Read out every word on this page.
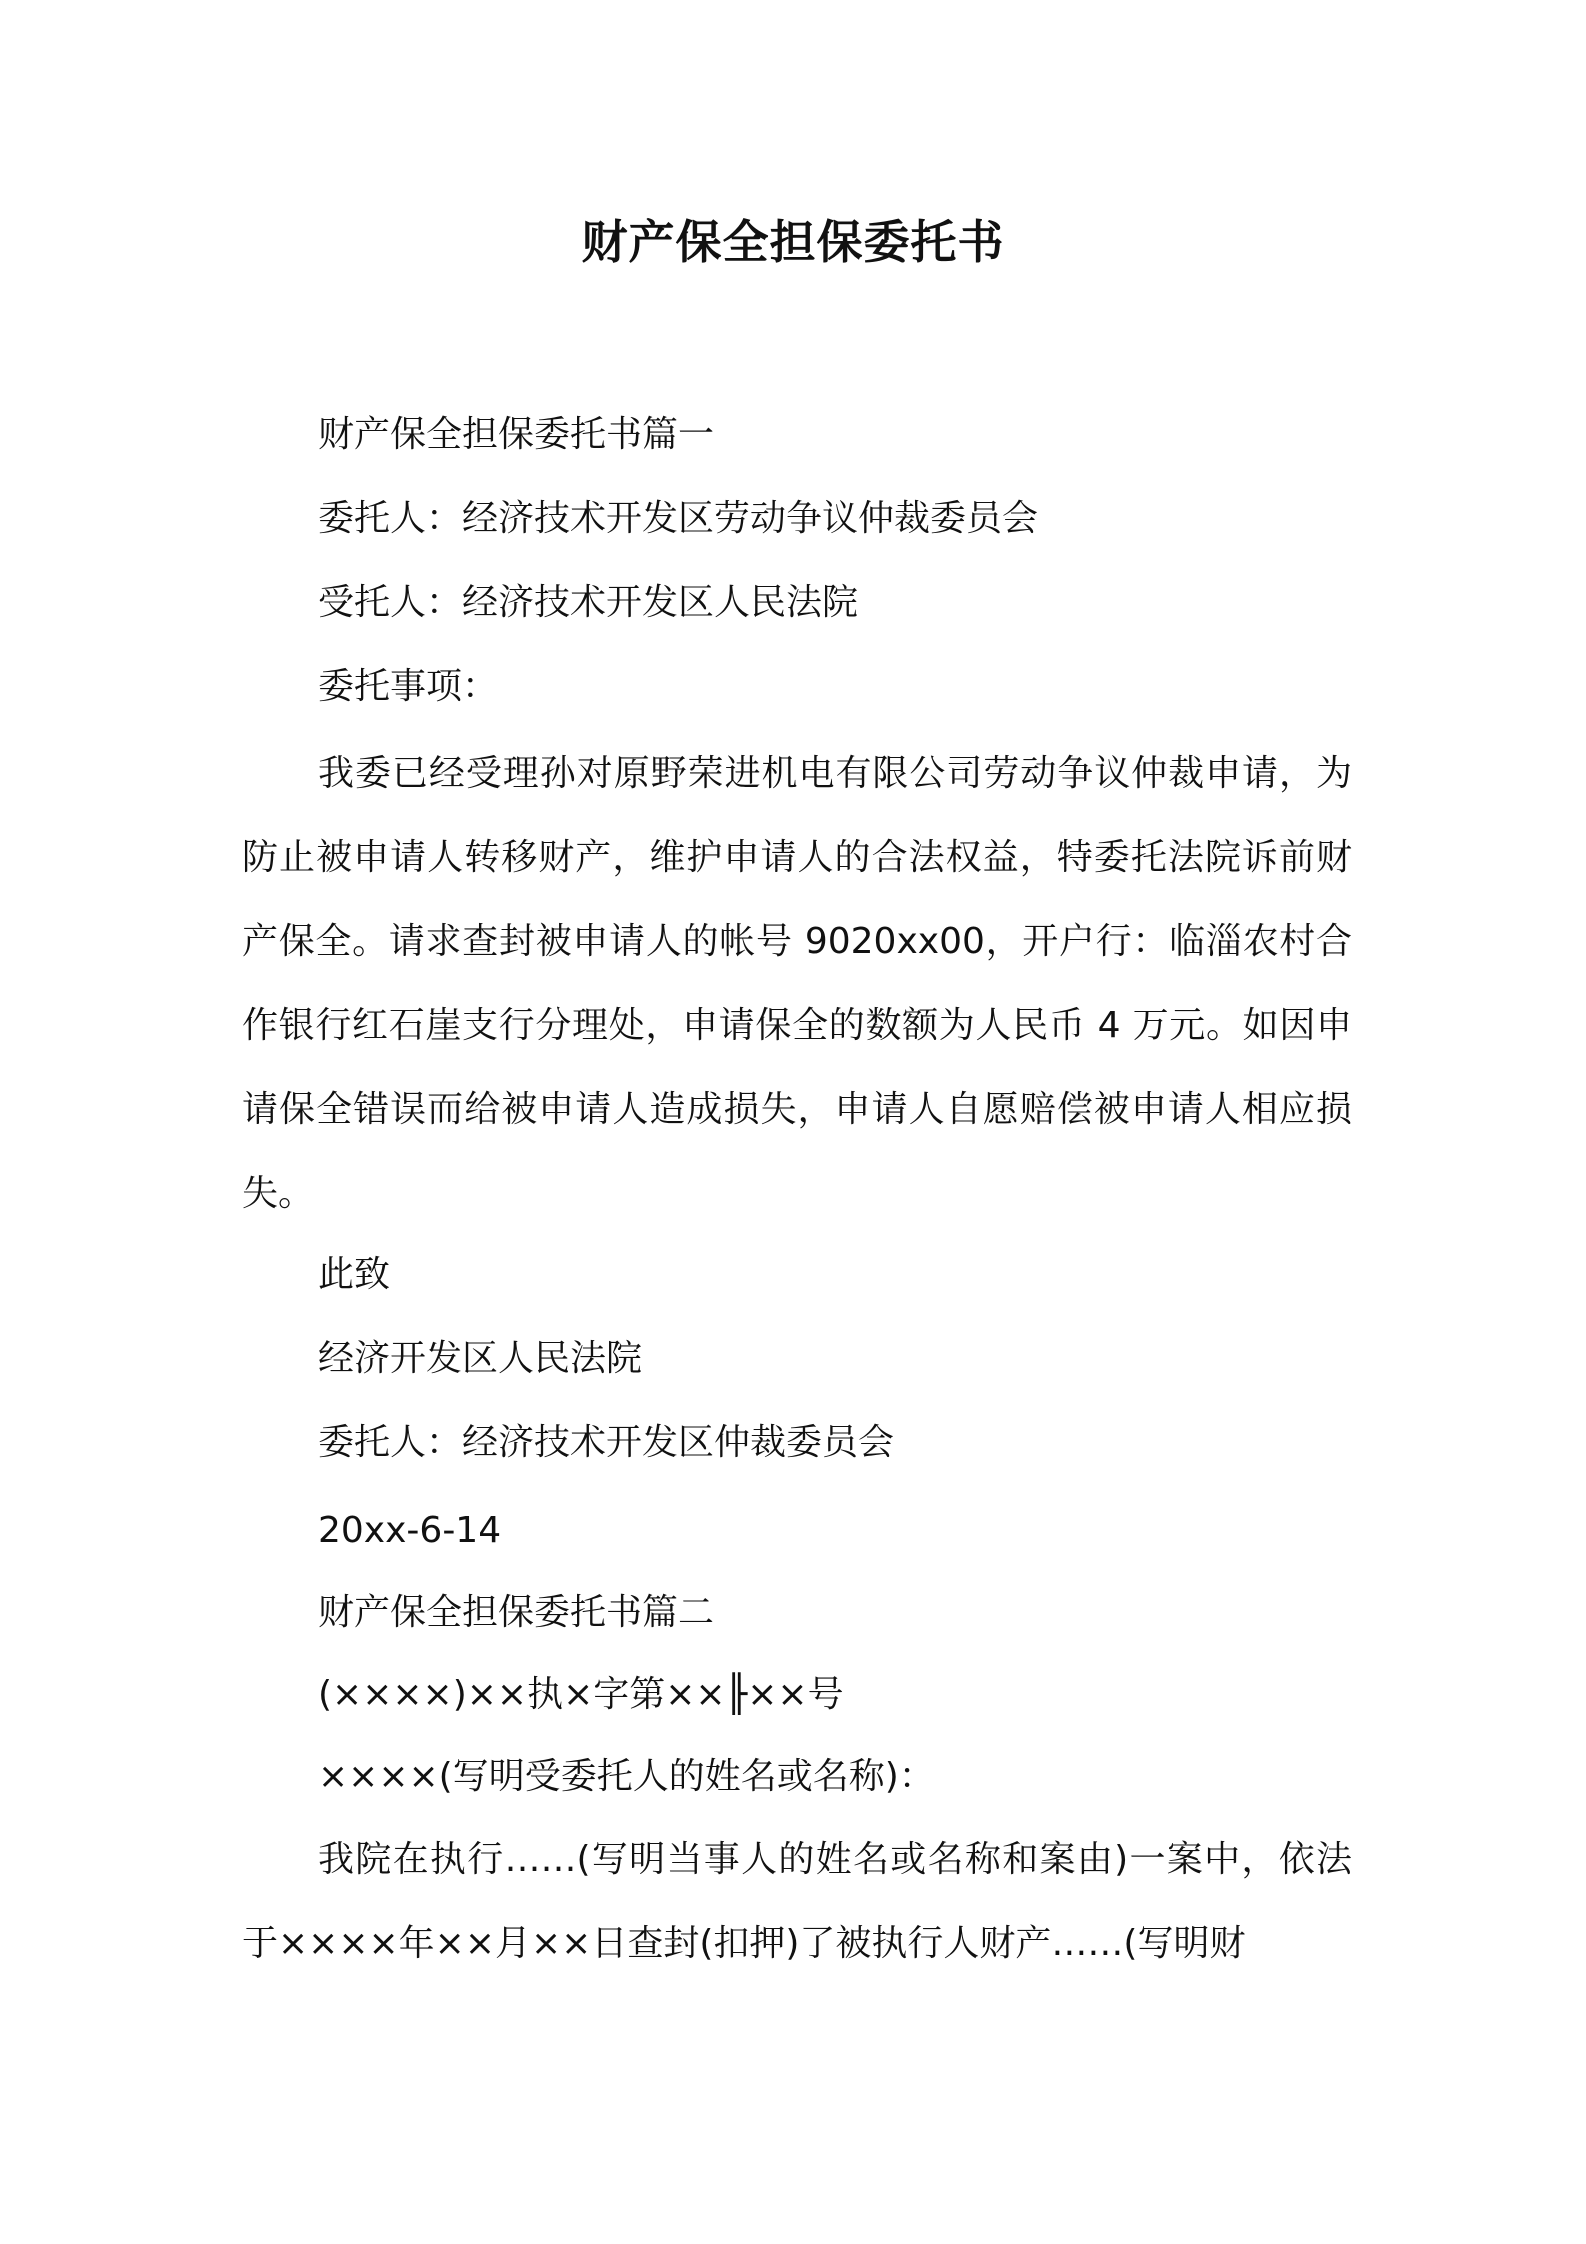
财产保全担保委托书
财产保全担保委托书篇一
委托人：经济技术开发区劳动争议仲裁委员会
受托人：经济技术开发区人民法院
委托事项：
我委已经受理孙对原野荣进机电有限公司劳动争议仲裁申请，为防止被申请人转移财产，维护申请人的合法权益，特委托法院诉前财产保全。请求查封被申请人的帐号 9020xx00，开户行：临淄农村合作银行红石崖支行分理处，申请保全的数额为人民币 4 万元。如因申请保全错误而给被申请人造成损失，申请人自愿赔偿被申请人相应损失。
此致
经济开发区人民法院
委托人：经济技术开发区仲裁委员会
20xx-6-14
财产保全担保委托书篇二
(××××)××执×字第××╟××号
××××(写明受委托人的姓名或名称)：
我院在执行……(写明当事人的姓名或名称和案由)一案中，依法于××××年××月××日查封(扣押)了被执行人财产……(写明财
